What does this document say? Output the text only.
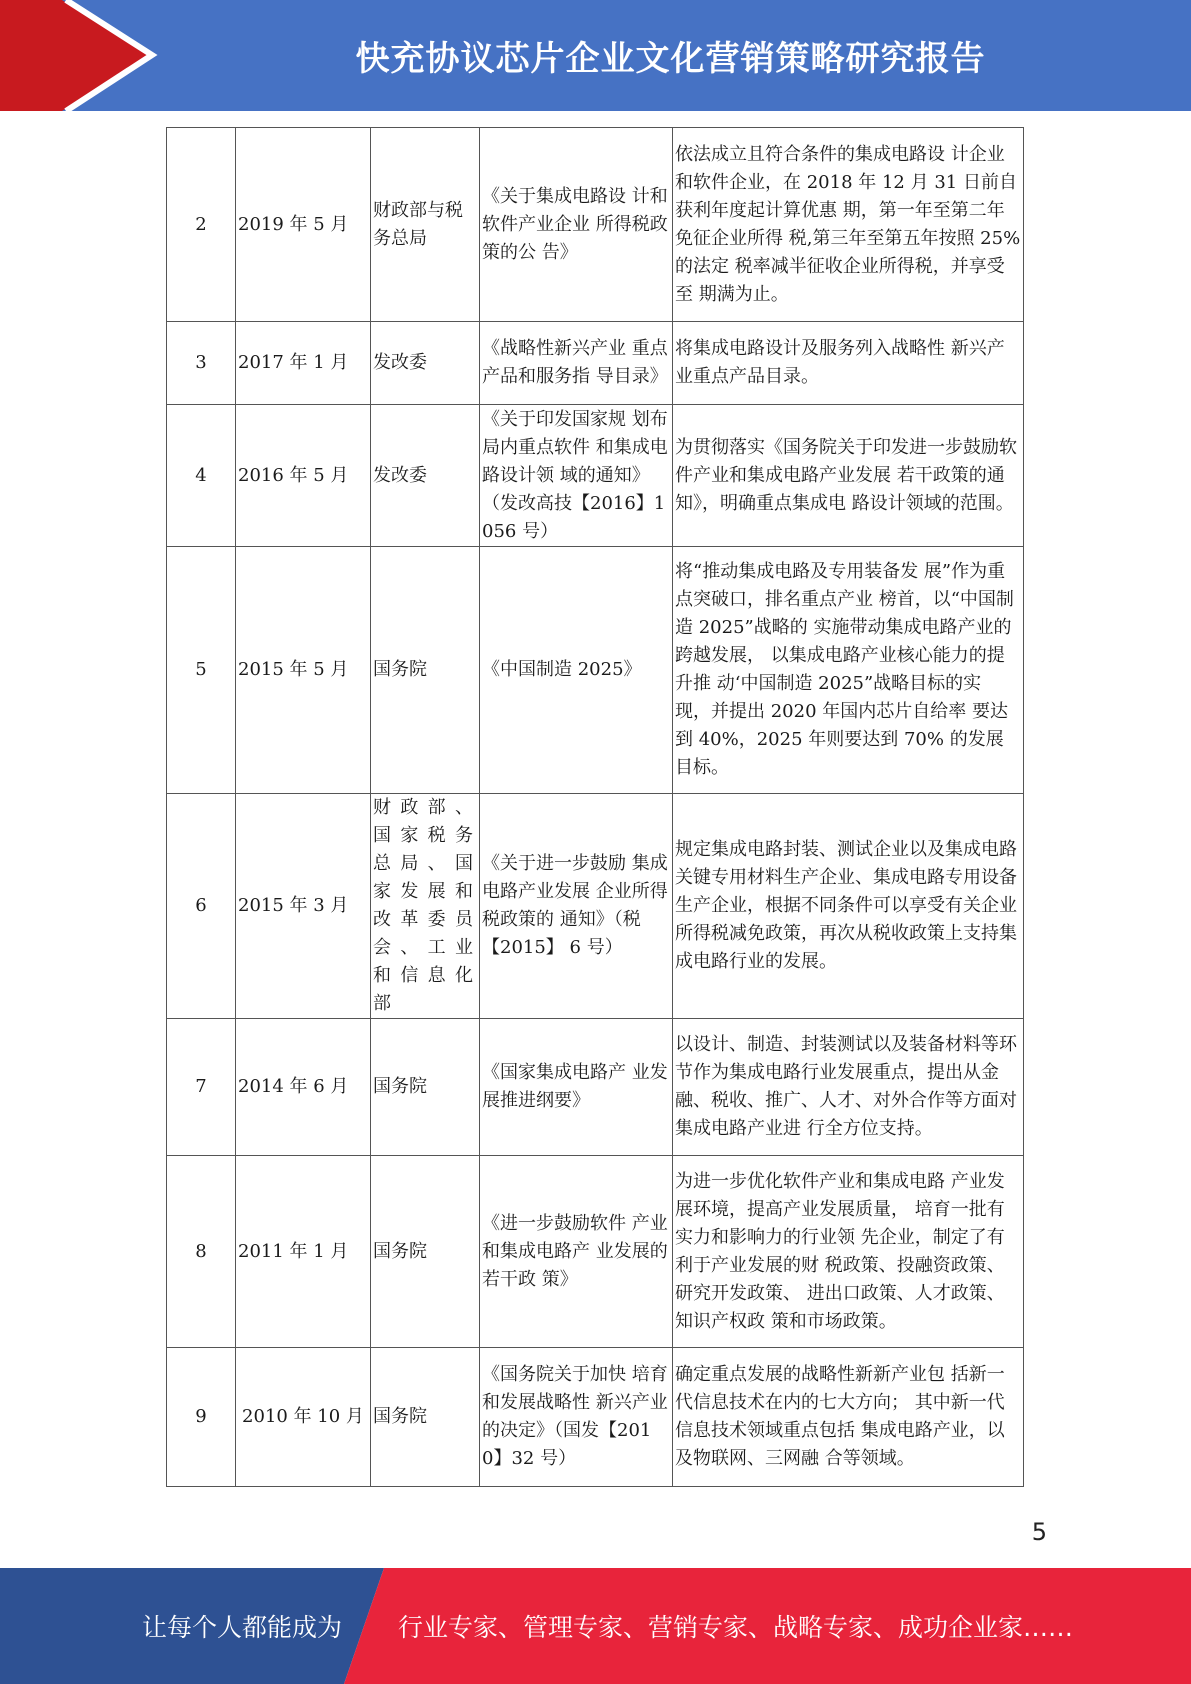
快充协议芯片企业文化营销策略研究报告
2	2019 年 5 月	财政部与税务总局	《关于集成电路设 计和软件产业企业 所得税政策的公 告》	依法成立且符合条件的集成电路设 计企业和软件企业，在 2018 年 12 月 31 日前自获利年度起计算优惠 期，第一年至第二年免征企业所得 税,第三年至第五年按照 25%的法定 税率减半征收企业所得税，并享受至 期满为止。
3	2017 年 1 月	发改委	《战略性新兴产业 重点产品和服务指 导目录》	将集成电路设计及服务列入战略性 新兴产业重点产品目录。
4	2016 年 5 月	发改委	《关于印发国家规 划布局内重点软件 和集成电路设计领 域的通知》（发改高技【2016】1056 号）	为贯彻落实《国务院关于印发进一步鼓励软件产业和集成电路产业发展 若干政策的通知》，明确重点集成电 路设计领域的范围。
5	2015 年 5 月	国务院	《中国制造 2025》	将“推动集成电路及专用装备发 展”作为重点突破口，排名重点产业 榜首，以“中国制造 2025”战略的 实施带动集成电路产业的跨越发展， 以集成电路产业核心能力的提升推 动‘中国制造 2025”战略目标的实 现，并提出 2020 年国内芯片自给率 要达到 40%，2025 年则要达到 70% 的发展目标。
6	2015 年 3 月	财政部、国家税务总局、国家发展和改革委员会、工业和信息化部	《关于进一步鼓励 集成电路产业发展 企业所得税政策的 通知》（税【2015】 6 号）	规定集成电路封装、测试企业以及集成电路关键专用材料生产企业、集成电路专用设备生产企业，根据不同条件可以享受有关企业所得税减免政策，再次从税收政策上支持集成电路行业的发展。
7	2014 年 6 月	国务院	《国家集成电路产 业发展推进纲要》	以设计、制造、封装测试以及装备材料等环节作为集成电路行业发展重点，提出从金融、税收、推广、人才、对外合作等方面对集成电路产业进 行全方位支持。
8	2011 年 1 月	国务院	《进一步鼓励软件 产业和集成电路产 业发展的若干政 策》	为进一步优化软件产业和集成电路 产业发展环境，提高产业发展质量， 培育一批有实力和影响力的行业领 先企业，制定了有利于产业发展的财 税政策、投融资政策、研究开发政策、 进出口政策、人才政策、知识产权政 策和市场政策。
9	2010 年 10 月	国务院	《国务院关于加快 培育和发展战略性 新兴产业的决定》（国发【2010】32 号）	确定重点发展的战略性新新产业包 括新一代信息技术在内的七大方向； 其中新一代信息技术领域重点包括 集成电路产业，以及物联网、三网融 合等领域。
5
让每个人都能成为 行业专家、管理专家、营销专家、战略专家、成功企业家……
